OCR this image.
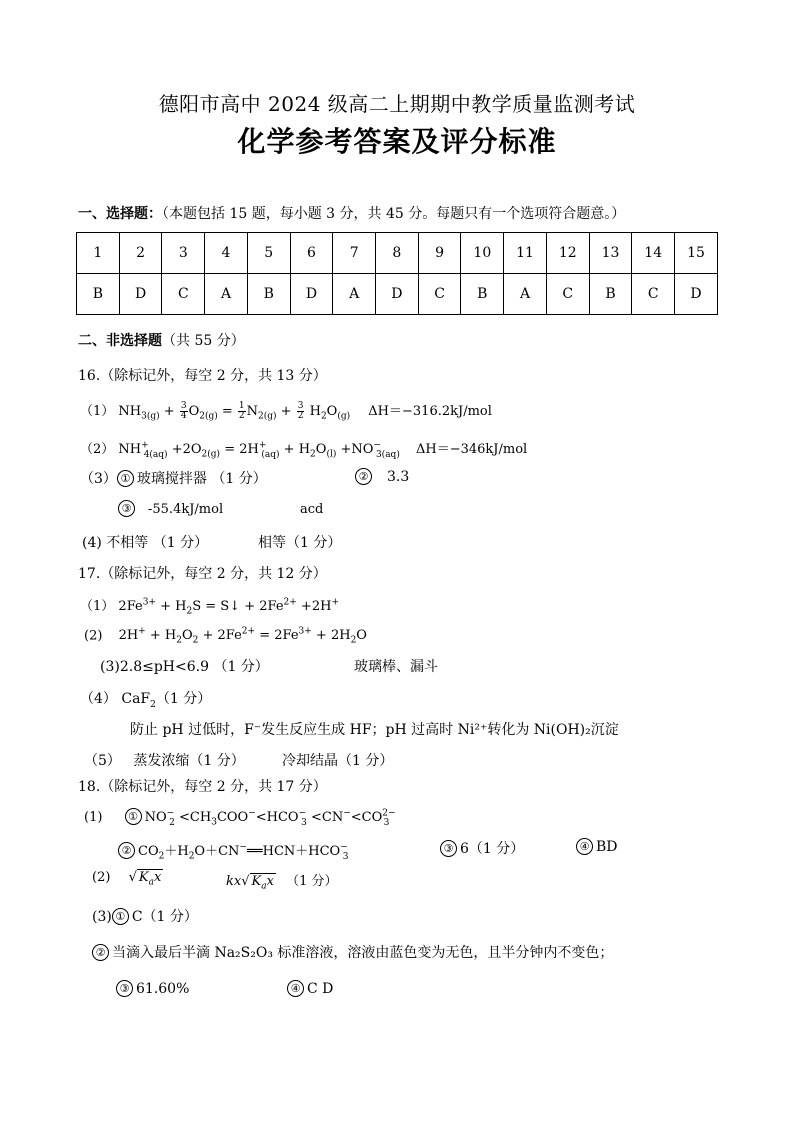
德阳市高中 2024 级高二上期期中教学质量监测考试
化学参考答案及评分标准
一、选择题：（本题包括 15 题，每小题 3 分，共 45 分。每题只有一个选项符合题意。）
1	2	3	4	5	6	7	8	9	10	11	12	13	14	15
B	D	C	A	B	D	A	D	C	B	A	C	B	C	D
二、非选择题（共 55 分）
16.（除标记外，每空 2 分，共 13 分）
（1） $NH_{3(g)} + \frac{3}{4} O_{2(g)} = \frac{1}{2} N_{2(g)} + \frac{3}{2} H_2O_{(g)}$ ΔH＝−316.2kJ/mol
（2） $NH^+_{4(aq)} +2O_{2(g)} = 2H^+_{(aq)} + H_2O_{(l)} +NO^-_{3(aq)}$ ΔH＝−346kJ/mol
（3） ① 玻璃搅拌器 （1 分）	② 3.3
③ -55.4kJ/mol	acd
(4) 不相等 （1 分）	相等（1 分）
17.（除标记外，每空 2 分，共 12 分）
（1） $2Fe^{3+} + H_2S$ = S↓ + $2Fe^{2+} +2H^+$
(2) $2H^+ + H_2O_2 + 2Fe^{2+} = 2Fe^{3+} + 2H_2O$
(3)2.8≤pH<6.9 （1 分）	玻璃棒、漏斗
（4） CaF$_2$（1 分）
防止 pH 过低时，F⁻发生反应生成 HF；pH 过高时 Ni²⁺转化为 Ni(OH)₂沉淀
（5） 蒸发浓缩（1 分）	冷却结晶（1 分）
18.（除标记外，每空 2 分，共 17 分）
(1) ① $NO^-_2 <CH_3COO^-<HCO^-_3 <CN^-<CO^{2-}_3$
② $CO_2+H_2O+CN^-══HCN+HCO^-_3$
③ 6（1 分）	④ BD
(2) √ $K_ax$	kx√ $K_ax$ （1 分）
(3) ① C（1 分）
② 当滴入最后半滴 Na₂S₂O₃ 标准溶液，溶液由蓝色变为无色，且半分钟内不变色；
③ 61.60%	④ C D
